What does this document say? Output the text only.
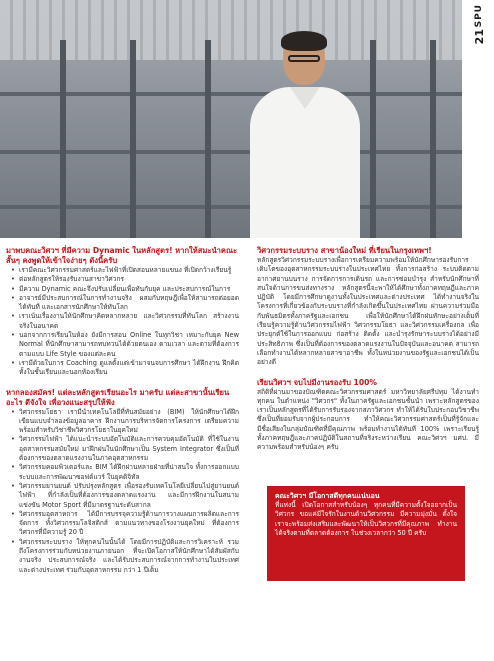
SPU
21

มาพบคณะวิศวฯ ที่มีความ Dynamic ในหลักสูตร! หากให้สมะนำคณะสั้นๆ คงพูดให้เข้าใจง่ายๆ ดังนี้ครับ

• เรามีคณะวิศวกรรมศาสตร์และไฟฟ้าที่เปิดสอนหลายแขนง ที่เปิดกว้างเรียนรู้
• ต่อหลักสูตรให้รองรับงานสาขาวิศวกร
• มีความ Dynamic คณะจึงปรับเปลี่ยนเพื่อทันกับยุค และประสบการณ์ในการ
• อาจารย์มีประสบการณ์ในการทำงานจริง ผสมกับทฤษฎีเพื่อให้สามารถต่อยอดได้ทันที และเอกสารนักศึกษาให้ทันโลก
• เราเน้นเรื่องงานให้นักศึกษาคิดหลากหลาย และวิศวกรรมที่ทันโลก สร้างงานจริงในอนาคต
• นอกจากการเรียนในห้อง ยังมีการสอน Online ในทุกวิชา เหมาะกับยุค New Normal ที่นักศึกษาสามารถทบทวนได้ด้วยตนเอง ตามเวลา และตามที่ต้องการ ตามแบบ Life Style ของแต่ละคน
• เรามีด้วยในการ Coaching ดูแลตั้งแต่เข้ามาจนจบการศึกษา ได้ฝึกงาน ฝึกคิด ทั้งในชั้นเรียนและนอกห้องเรียน

หากลองสมัคร! แต่ละหลักสูตรเรียนอะไร มาครับ แต่ละสาขานั้นเรียนอะไร ดีจังใจ เพื่อวงแนะสรุปให้ฟัง

• วิศวกรรมโยธา เรามีนำเทคโนโลยีที่ทันสมัยอย่าง (BIM) ให้นักศึกษาได้ฝึกเขียนแบบจำลองข้อมูลอาคาร ฝึกงานการบริหารจัดการโครงการ เตรียมความพร้อมสำหรับวิชาชีพวิศวกรโยธาในยุคใหม่
• วิศวกรรมไฟฟ้า ได้แนะนำระบบอัตโนมัติและการควบคุมอัตโนมัติ ที่ใช้ในงานอุตสาหกรรมสมัยใหม่ มาฝึกฝนในนักศึกษาเป็น System Integrator ซึ่งเป็นที่ต้องการของตลาดแรงงานในภาคอุตสาหกรรม
• วิศวกรรมคอมพิวเตอร์และ BIM ได้ฝึกผ่านหลายฝ่ายที่น่าสนใจ ทั้งการออกแบบระบบและการพัฒนาซอฟต์แวร์ ในยุคดิจิทัล
• วิศวกรรมยานยนต์ ปรับปรุงหลักสูตร เพื่อรองรับเทคโนโลยีเปลี่ยนไปสู่ยานยนต์ไฟฟ้า ที่กำลังเป็นที่ต้องการของตลาดแรงงาน และมีการฝึกงานในสนามแข่งขัน Motor Sport ที่มีมาตรฐานระดับสากล
• วิศวกรรมอุตสาหการ ได้มีการบรรจุความรู้ด้านการวางแผนการผลิตและการจัดการ ทั้งวิศวกรรมโลจิสติกส์ ตามแนวทางของโรงงานยุคใหม่ ที่ต้องการวิศวกรที่มีความรู้ 20 ปี
• วิศวกรรมระบบราง ให้ทุกคนในนั้นได้ โดยมีการปฏิบัติและการวิเคราะห์ รวมถึงโครงการร่วมกับหน่วยงานภายนอก ที่จะเปิดโอกาสให้นักศึกษาได้สัมผัสกับงานจริง ประสบการณ์จริง และได้รับประสบการณ์จากการทำงานในประเทศและต่างประเทศ ร่วมกับอุตสาหกรรม กว่า 1 ปีเต็ม

วิศวกรรมระบบราง สาขาน้องใหม่ ที่เรียนในกรุงเทพฯ!

หลักสูตรวิศวกรรมระบบรางเพื่อการเตรียมความพร้อมให้นักศึกษารองรับการเติบโตของอุตสาหกรรมระบบรางในประเทศไทย ทั้งการก่อสร้าง ระบบติดตาม อากาศยานบนราง การจัดการการเดินรถ และการซ่อมบำรุง สำหรับนักศึกษาที่สนใจด้านการขนส่งทางราง หลักสูตรนี้จะพาให้ได้ศึกษาทั้งภาคทฤษฎีและภาคปฏิบัติ โดยมีการศึกษาดูงานทั้งในประเทศและต่างประเทศ ได้ทำงานจริงในโครงการที่เกี่ยวข้องกับระบบรางที่กำลังเกิดขึ้นในประเทศไทย ผ่านความร่วมมือกับพันธมิตรทั้งภาครัฐและเอกชน เพื่อให้นักศึกษาได้ฝึกฝนทักษะอย่างเต็มที่ เรียนรู้ความรู้ด้านวิศวกรรมไฟฟ้า วิศวกรรมโยธา และวิศวกรรมเครื่องกล เพื่อประยุกต์ใช้ในการออกแบบ ก่อสร้าง ติดตั้ง และบำรุงรักษาระบบรางได้อย่างมีประสิทธิภาพ ซึ่งเป็นที่ต้องการของตลาดแรงงานในปัจจุบันและอนาคต สามารถเลือกทำงานได้หลากหลายสาขาอาชีพ ทั้งในหน่วยงานของรัฐและเอกชนได้เป็นอย่างดี

เรียนวิศวฯ จบไปมีงานรองรับ 100%

สถิติที่ผ่านมาของบัณฑิตคณะวิศวกรรมศาสตร์ มหาวิทยาลัยศรีปทุม ได้งานทำทุกคน ในตำแหน่ง "วิศวกร" ทั้งในภาครัฐและเอกชนชั้นนำ เพราะหลักสูตรของเราเป็นหลักสูตรที่ได้รับการรับรองจากสภาวิศวกร ทำให้ได้รับใบประกอบวิชาชีพ ซึ่งเป็นที่ยอมรับจากผู้ประกอบการ ทำให้คณะวิศวกรรมศาสตร์เป็นที่รู้จักและมีชื่อเสียงในกลุ่มบัณฑิตที่มีคุณภาพ พร้อมทำงานได้ทันที 100% เพราะเรียนรู้ทั้งภาคทฤษฎีและภาคปฏิบัติในสถานที่จริงระหว่างเรียน คณะวิศวฯ มศป. มีความพร้อมสำหรับน้องๆ ครับ

คณะวิศวฯ มีโอกาสดีทุกคนแน่นอน

ที่แห่งนี้ เปิดโอกาสสำหรับน้องๆ ทุกคนที่มีความตั้งใจอยากเป็นวิศวกร ขอแค่มีใจรักในงานด้านวิศวกรรม มีความมุ่งมั่น ตั้งใจ เราจะพร้อมส่งเสริมและพัฒนาให้เป็นวิศวกรที่มีคุณภาพ ทำงานได้จริงตามที่ตลาดต้องการ ในช่วงเวลากว่า 50 ปี ครับ
